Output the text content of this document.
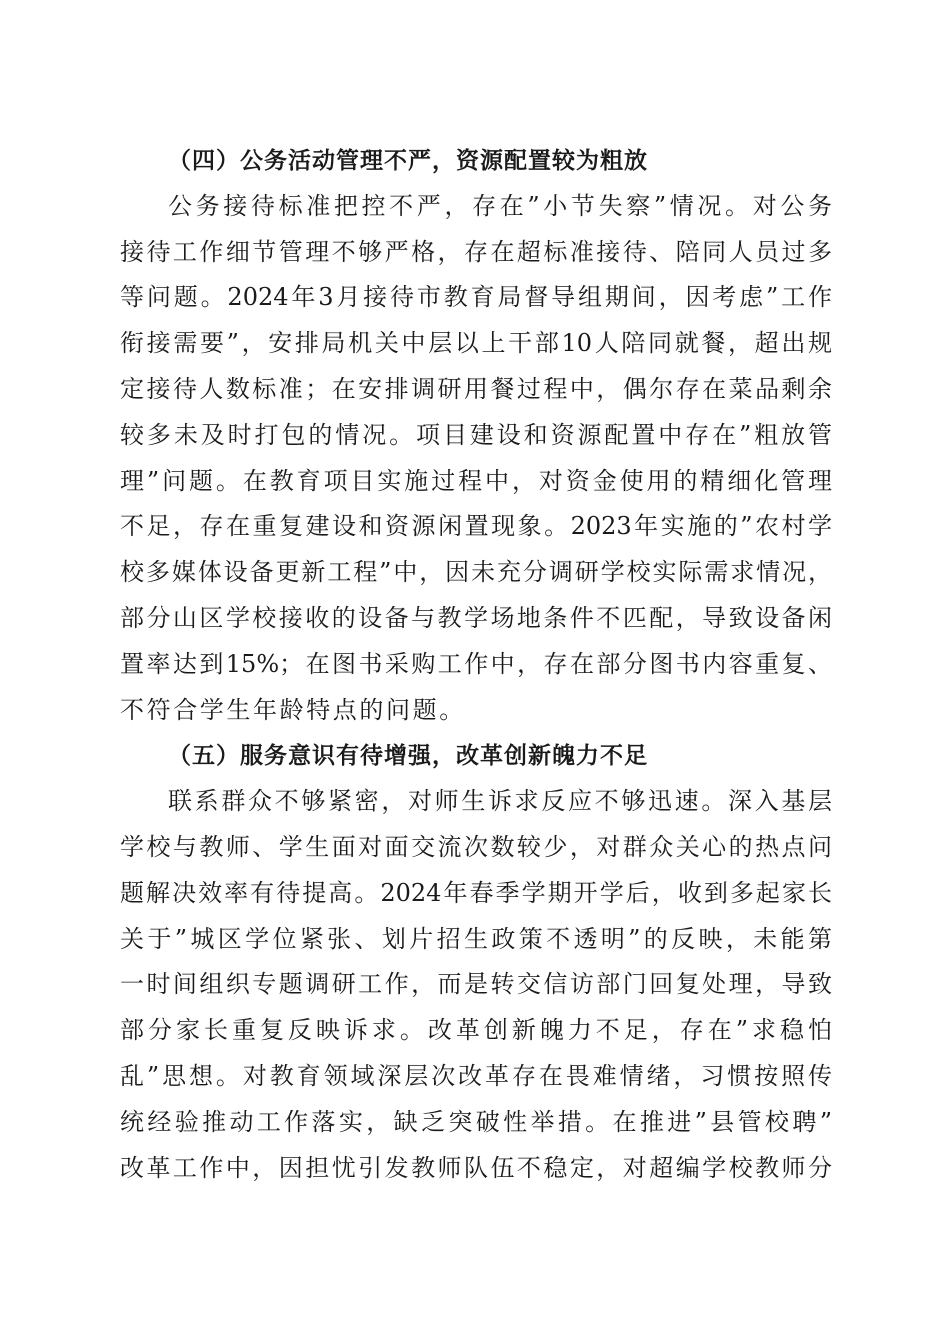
（四）公务活动管理不严，资源配置较为粗放

公务接待标准把控不严，存在”小节失察”情况。对公务

接待工作细节管理不够严格，存在超标准接待、陪同人员过多

等问题。2024年3月接待市教育局督导组期间，因考虑”工作

衔接需要”，安排局机关中层以上干部10人陪同就餐，超出规

定接待人数标准；在安排调研用餐过程中，偶尔存在菜品剩余

较多未及时打包的情况。项目建设和资源配置中存在”粗放管

理”问题。在教育项目实施过程中，对资金使用的精细化管理

不足，存在重复建设和资源闲置现象。2023年实施的”农村学

校多媒体设备更新工程”中，因未充分调研学校实际需求情况，

部分山区学校接收的设备与教学场地条件不匹配，导致设备闲

置率达到15%；在图书采购工作中，存在部分图书内容重复、

不符合学生年龄特点的问题。

（五）服务意识有待增强，改革创新魄力不足

联系群众不够紧密，对师生诉求反应不够迅速。深入基层

学校与教师、学生面对面交流次数较少，对群众关心的热点问

题解决效率有待提高。2024年春季学期开学后，收到多起家长

关于”城区学位紧张、划片招生政策不透明”的反映，未能第

一时间组织专题调研工作，而是转交信访部门回复处理，导致

部分家长重复反映诉求。改革创新魄力不足，存在”求稳怕

乱”思想。对教育领域深层次改革存在畏难情绪，习惯按照传

统经验推动工作落实，缺乏突破性举措。在推进”县管校聘”

改革工作中，因担忧引发教师队伍不稳定，对超编学校教师分
